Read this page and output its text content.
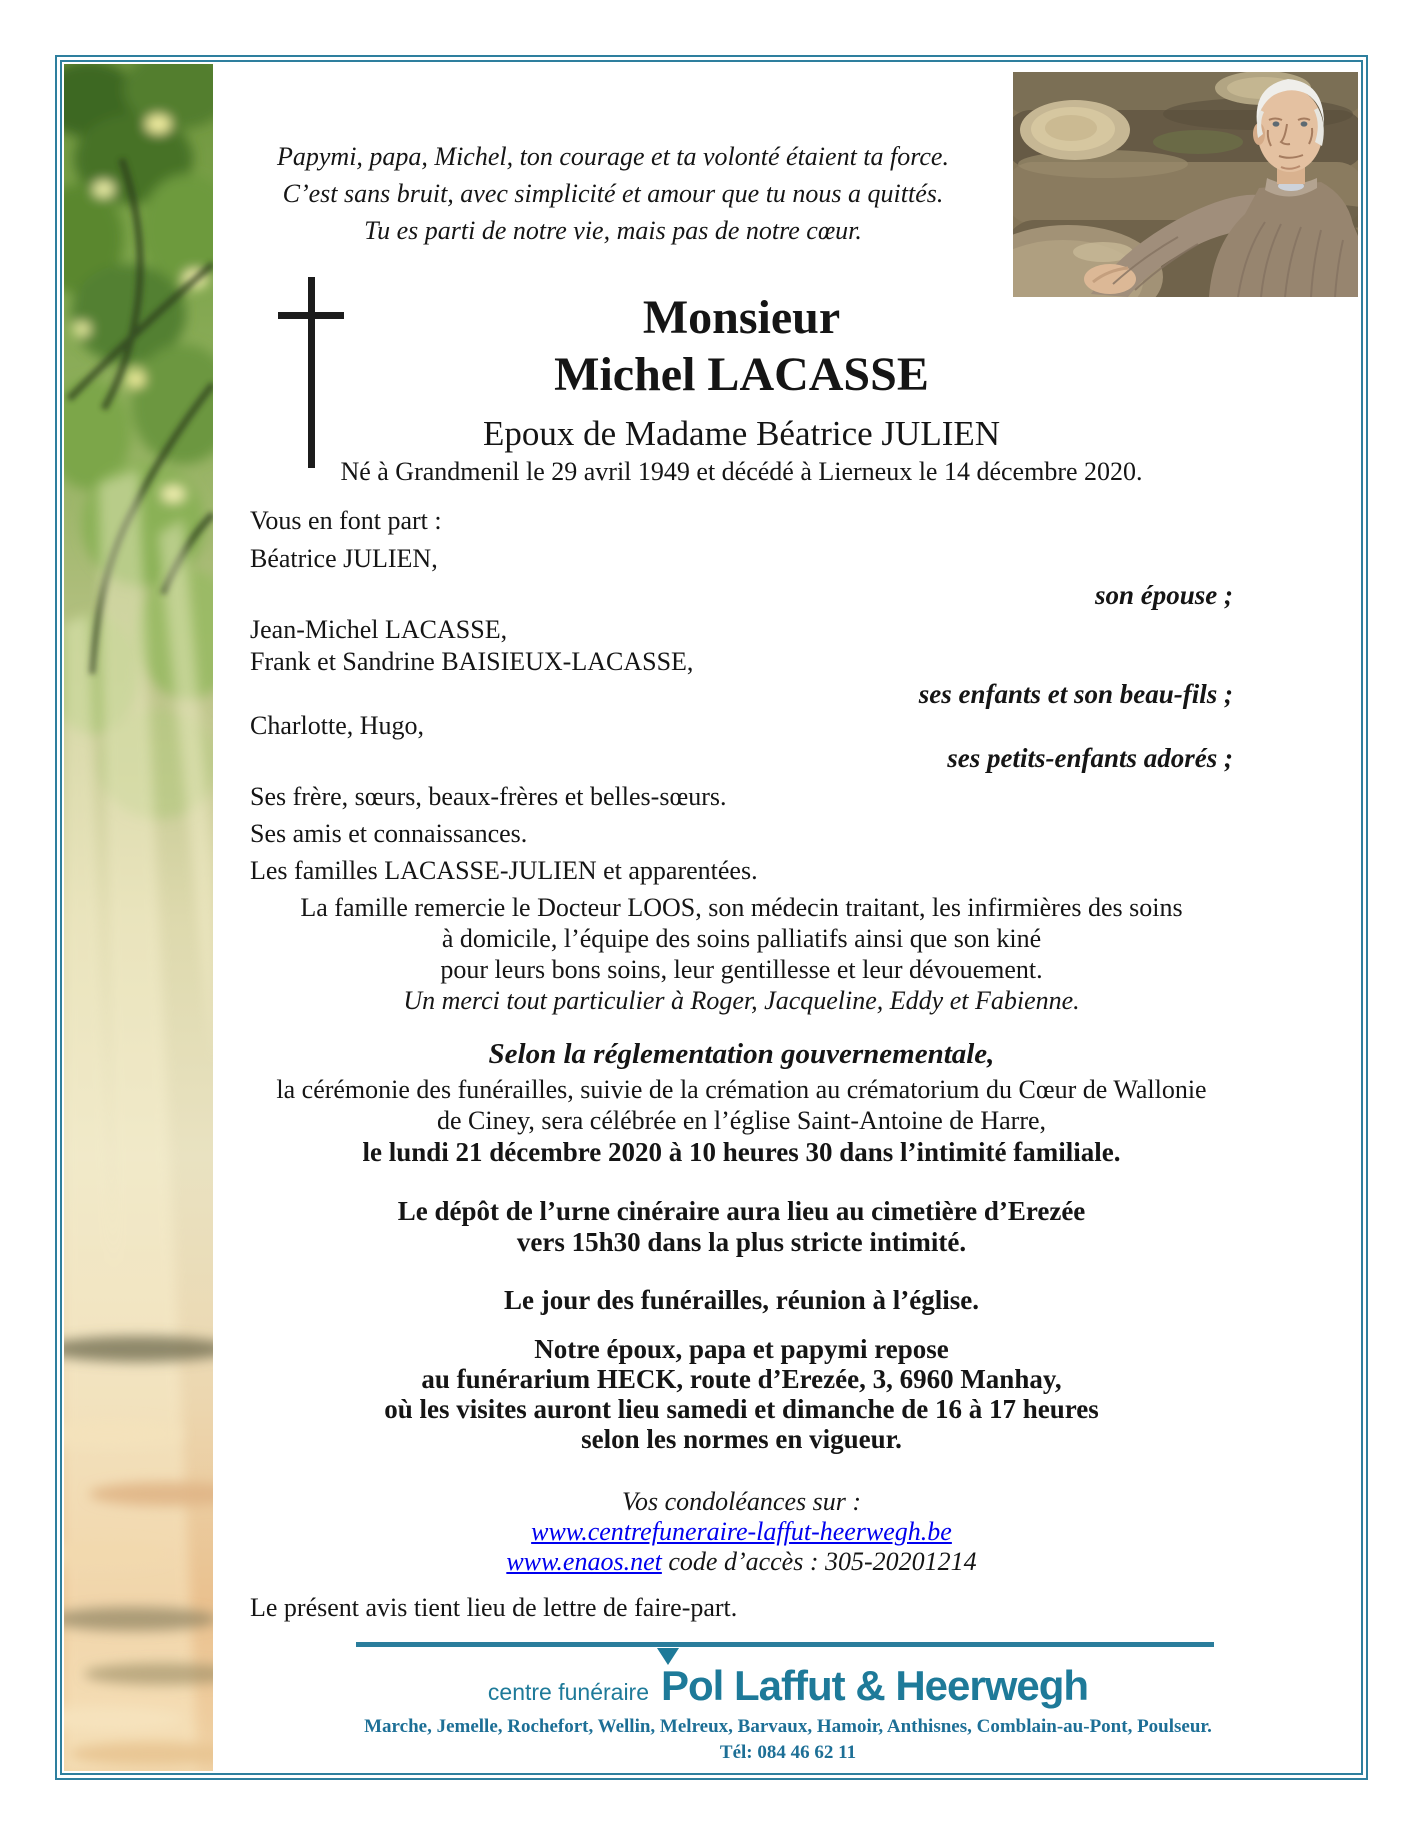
Papymi, papa, Michel, ton courage et ta volonté étaient ta force.
C’est sans bruit, avec simplicité et amour que tu nous a quittés.
Tu es parti de notre vie, mais pas de notre cœur.
Monsieur
Michel LACASSE
Epoux de Madame Béatrice JULIEN
Né à Grandmenil le 29 avril 1949 et décédé à Lierneux le 14 décembre 2020.
Vous en font part :
Béatrice JULIEN,
son épouse ;
Jean-Michel LACASSE,
Frank et Sandrine BAISIEUX-LACASSE,
ses enfants et son beau-fils ;
Charlotte, Hugo,
ses petits-enfants adorés ;
Ses frère, sœurs, beaux-frères et belles-sœurs.
Ses amis et connaissances.
Les familles LACASSE-JULIEN et apparentées.
La famille remercie le Docteur LOOS, son médecin traitant, les infirmières des soins
à domicile, l’équipe des soins palliatifs ainsi que son kiné
pour leurs bons soins, leur gentillesse et leur dévouement.
Un merci tout particulier à Roger, Jacqueline, Eddy et Fabienne.
Selon la réglementation gouvernementale,
la cérémonie des funérailles, suivie de la crémation au crématorium du Cœur de Wallonie
de Ciney, sera célébrée en l’église Saint-Antoine de Harre,
le lundi 21 décembre 2020 à 10 heures 30 dans l’intimité familiale.
Le dépôt de l’urne cinéraire aura lieu au cimetière d’Erezée
vers 15h30 dans la plus stricte intimité.
Le jour des funérailles, réunion à l’église.
Notre époux, papa et papymi repose
au funérarium HECK, route d’Erezée, 3, 6960 Manhay,
où les visites auront lieu samedi et dimanche de 16 à 17 heures
selon les normes en vigueur.
Vos condoléances sur :
www.centrefuneraire-laffut-heerwegh.be
www.enaos.net code d’accès : 305-20201214
Le présent avis tient lieu de lettre de faire-part.
centre funéraire Pol Laffut & Heerwegh
Marche, Jemelle, Rochefort, Wellin, Melreux, Barvaux, Hamoir, Anthisnes, Comblain-au-Pont, Poulseur.
Tél: 084 46 62 11
